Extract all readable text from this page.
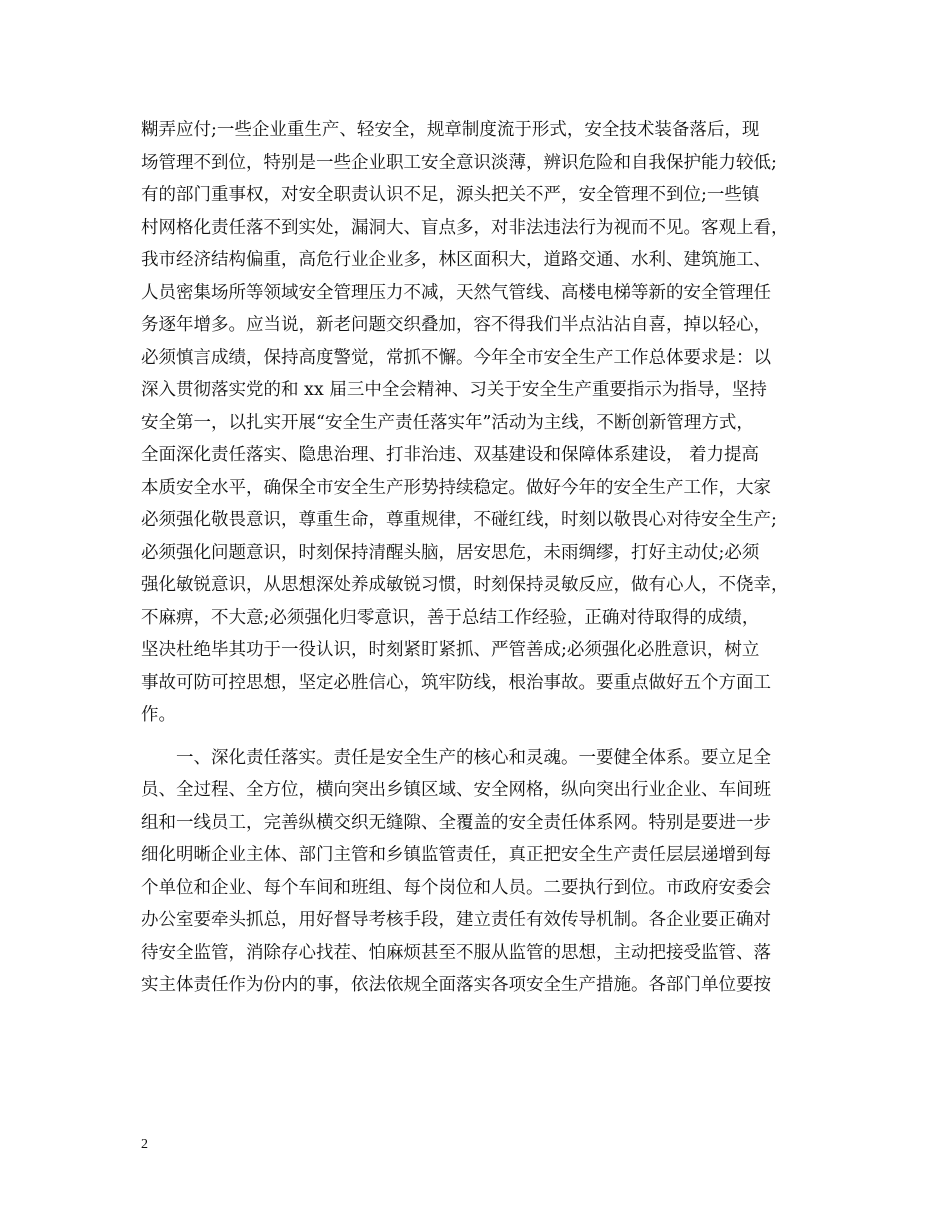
糊弄应付;一些企业重生产、轻安全，规章制度流于形式，安全技术装备落后，现
场管理不到位，特别是一些企业职工安全意识淡薄，辨识危险和自我保护能力较低;
有的部门重事权，对安全职责认识不足，源头把关不严，安全管理不到位;一些镇
村网格化责任落不到实处，漏洞大、盲点多，对非法违法行为视而不见。客观上看，
我市经济结构偏重，高危行业企业多，林区面积大，道路交通、水利、建筑施工、
人员密集场所等领域安全管理压力不减，天然气管线、高楼电梯等新的安全管理任
务逐年增多。应当说，新老问题交织叠加，容不得我们半点沾沾自喜，掉以轻心，
必须慎言成绩，保持高度警觉，常抓不懈。今年全市安全生产工作总体要求是：以
深入贯彻落实党的和 xx 届三中全会精神、习关于安全生产重要指示为指导，坚持
安全第一，以扎实开展“安全生产责任落实年”活动为主线，不断创新管理方式，
全面深化责任落实、隐患治理、打非治违、双基建设和保障体系建设， 着力提高
本质安全水平，确保全市安全生产形势持续稳定。做好今年的安全生产工作，大家
必须强化敬畏意识，尊重生命，尊重规律，不碰红线，时刻以敬畏心对待安全生产;
必须强化问题意识，时刻保持清醒头脑，居安思危，未雨绸缪，打好主动仗;必须
强化敏锐意识，从思想深处养成敏锐习惯，时刻保持灵敏反应，做有心人，不侥幸，
不麻痹，不大意;必须强化归零意识，善于总结工作经验，正确对待取得的成绩，
坚决杜绝毕其功于一役认识，时刻紧盯紧抓、严管善成;必须强化必胜意识，树立
事故可防可控思想，坚定必胜信心，筑牢防线，根治事故。要重点做好五个方面工
作。
　　一、深化责任落实。责任是安全生产的核心和灵魂。一要健全体系。要立足全
员、全过程、全方位，横向突出乡镇区域、安全网格，纵向突出行业企业、车间班
组和一线员工，完善纵横交织无缝隙、全覆盖的安全责任体系网。特别是要进一步
细化明晰企业主体、部门主管和乡镇监管责任，真正把安全生产责任层层递增到每
个单位和企业、每个车间和班组、每个岗位和人员。二要执行到位。市政府安委会
办公室要牵头抓总，用好督导考核手段，建立责任有效传导机制。各企业要正确对
待安全监管，消除存心找茬、怕麻烦甚至不服从监管的思想，主动把接受监管、落
实主体责任作为份内的事，依法依规全面落实各项安全生产措施。各部门单位要按
2
